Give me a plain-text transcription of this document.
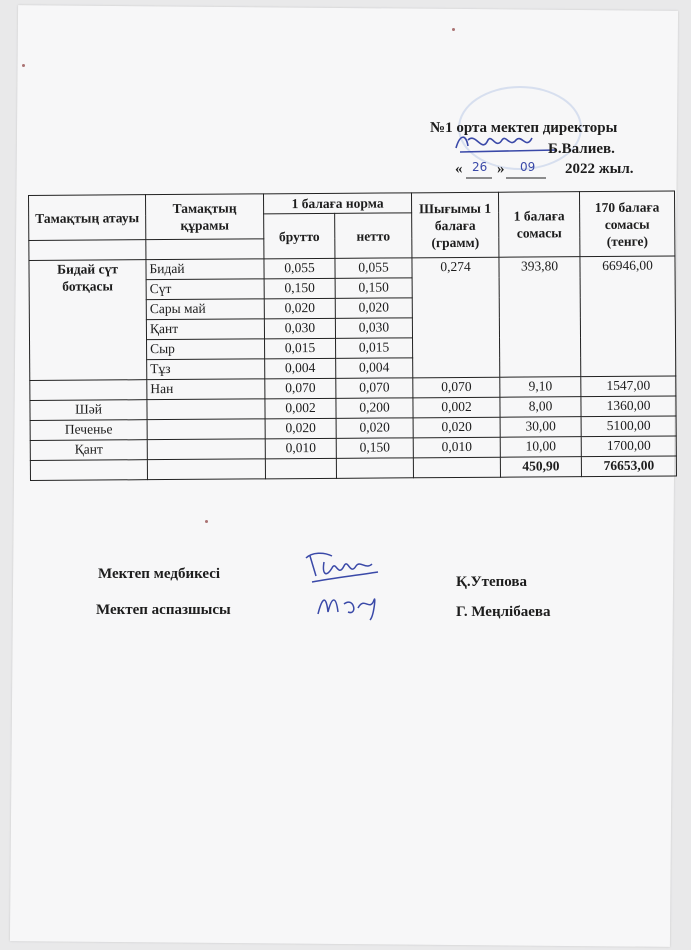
№1 орта мектеп директоры
Б.Валиев.
« 26 » 09 2022 жыл.
Тамақтың атауы	Тамақтың құрамы	1 балаға норма		Шығымы 1 балаға (грамм)	1 балаға сомасы	170 балаға сомасы (тенге)
		брутто	нетто			

Бидай сүт ботқасы	Бидай	0,055	0,055	0,274	393,80	66946,00
	Сүт	0,150	0,150			
	Сары май	0,020	0,020			
	Қант	0,030	0,030			
	Сыр	0,015	0,015			
	Тұз	0,004	0,004			
	Нан	0,070	0,070	0,070	9,10	1547,00
Шәй		0,002	0,200	0,002	8,00	1360,00
Печенье		0,020	0,020	0,020	30,00	5100,00
Қант		0,010	0,150	0,010	10,00	1700,00
					450,90	76653,00
Мектеп медбикесі	Қ.Утепова
Мектеп аспазшысы	Г. Меңлібаева
